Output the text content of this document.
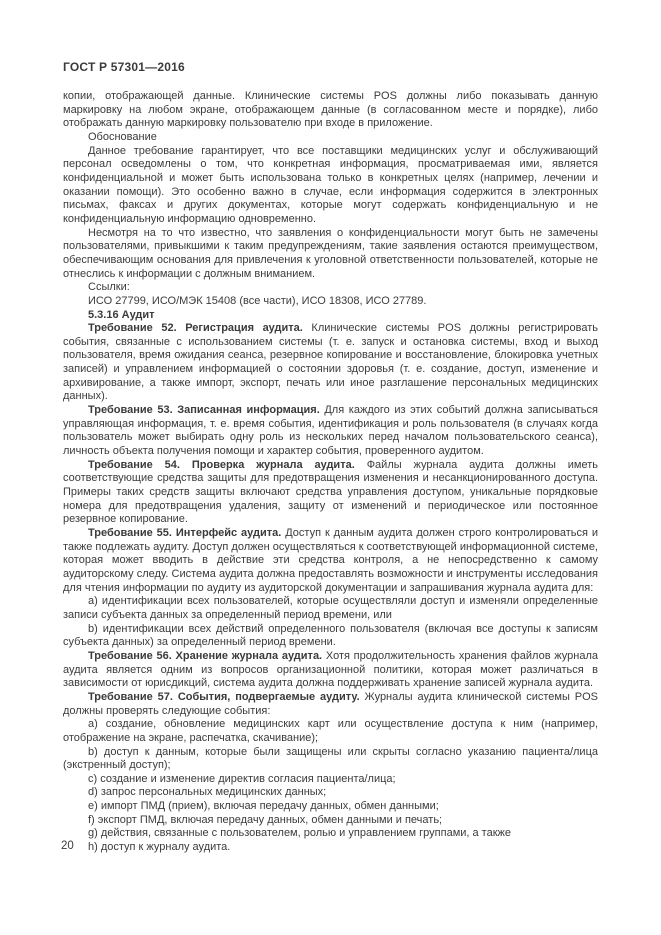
ГОСТ Р 57301—2016

копии, отображающей данные. Клинические системы POS должны либо показывать данную маркировку на любом экране, отображающем данные (в согласованном месте и порядке), либо отображать данную маркировку пользователю при входе в приложение.

Обоснование

Данное требование гарантирует, что все поставщики медицинских услуг и обслуживающий персонал осведомлены о том, что конкретная информация, просматриваемая ими, является конфиденциальной и может быть использована только в конкретных целях (например, лечении и оказании помощи). Это особенно важно в случае, если информация содержится в электронных письмах, факсах и других документах, которые могут содержать конфиденциальную и не конфиденциальную информацию одновременно.

Несмотря на то что известно, что заявления о конфиденциальности могут быть не замечены пользователями, привыкшими к таким предупреждениям, такие заявления остаются преимуществом, обеспечивающим основания для привлечения к уголовной ответственности пользователей, которые не отнеслись к информации с должным вниманием.

Ссылки:

ИСО 27799, ИСО/МЭК 15408 (все части), ИСО 18308, ИСО 27789.

5.3.16 Аудит

Требование 52. Регистрация аудита. Клинические системы POS должны регистрировать события, связанные с использованием системы (т. е. запуск и остановка системы, вход и выход пользователя, время ожидания сеанса, резервное копирование и восстановление, блокировка учетных записей) и управлением информацией о состоянии здоровья (т. е. создание, доступ, изменение и архивирование, а также импорт, экспорт, печать или иное разглашение персональных медицинских данных).

Требование 53. Записанная информация. Для каждого из этих событий должна записываться управляющая информация, т. е. время события, идентификация и роль пользователя (в случаях когда пользователь может выбирать одну роль из нескольких перед началом пользовательского сеанса), личность объекта получения помощи и характер события, проверенного аудитом.

Требование 54. Проверка журнала аудита. Файлы журнала аудита должны иметь соответствующие средства защиты для предотвращения изменения и несанкционированного доступа. Примеры таких средств защиты включают средства управления доступом, уникальные порядковые номера для предотвращения удаления, защиту от изменений и периодическое или постоянное резервное копирование.

Требование 55. Интерфейс аудита. Доступ к данным аудита должен строго контролироваться и также подлежать аудиту. Доступ должен осуществляться к соответствующей информационной системе, которая может вводить в действие эти средства контроля, а не непосредственно к самому аудиторскому следу. Система аудита должна предоставлять возможности и инструменты исследования для чтения информации по аудиту из аудиторской документации и запрашивания журнала аудита для:

a) идентификации всех пользователей, которые осуществляли доступ и изменяли определенные записи субъекта данных за определенный период времени, или

b) идентификации всех действий определенного пользователя (включая все доступы к записям субъекта данных) за определенный период времени.

Требование 56. Хранение журнала аудита. Хотя продолжительность хранения файлов журнала аудита является одним из вопросов организационной политики, которая может различаться в зависимости от юрисдикций, система аудита должна поддерживать хранение записей журнала аудита.

Требование 57. События, подвергаемые аудиту. Журналы аудита клинической системы POS должны проверять следующие события:

a) создание, обновление медицинских карт или осуществление доступа к ним (например, отображение на экране, распечатка, скачивание);

b) доступ к данным, которые были защищены или скрыты согласно указанию пациента/лица (экстренный доступ);

c) создание и изменение директив согласия пациента/лица;

d) запрос персональных медицинских данных;

e) импорт ПМД (прием), включая передачу данных, обмен данными;

f) экспорт ПМД, включая передачу данных, обмен данными и печать;

g) действия, связанные с пользователем, ролью и управлением группами, а также

h) доступ к журналу аудита.

20
